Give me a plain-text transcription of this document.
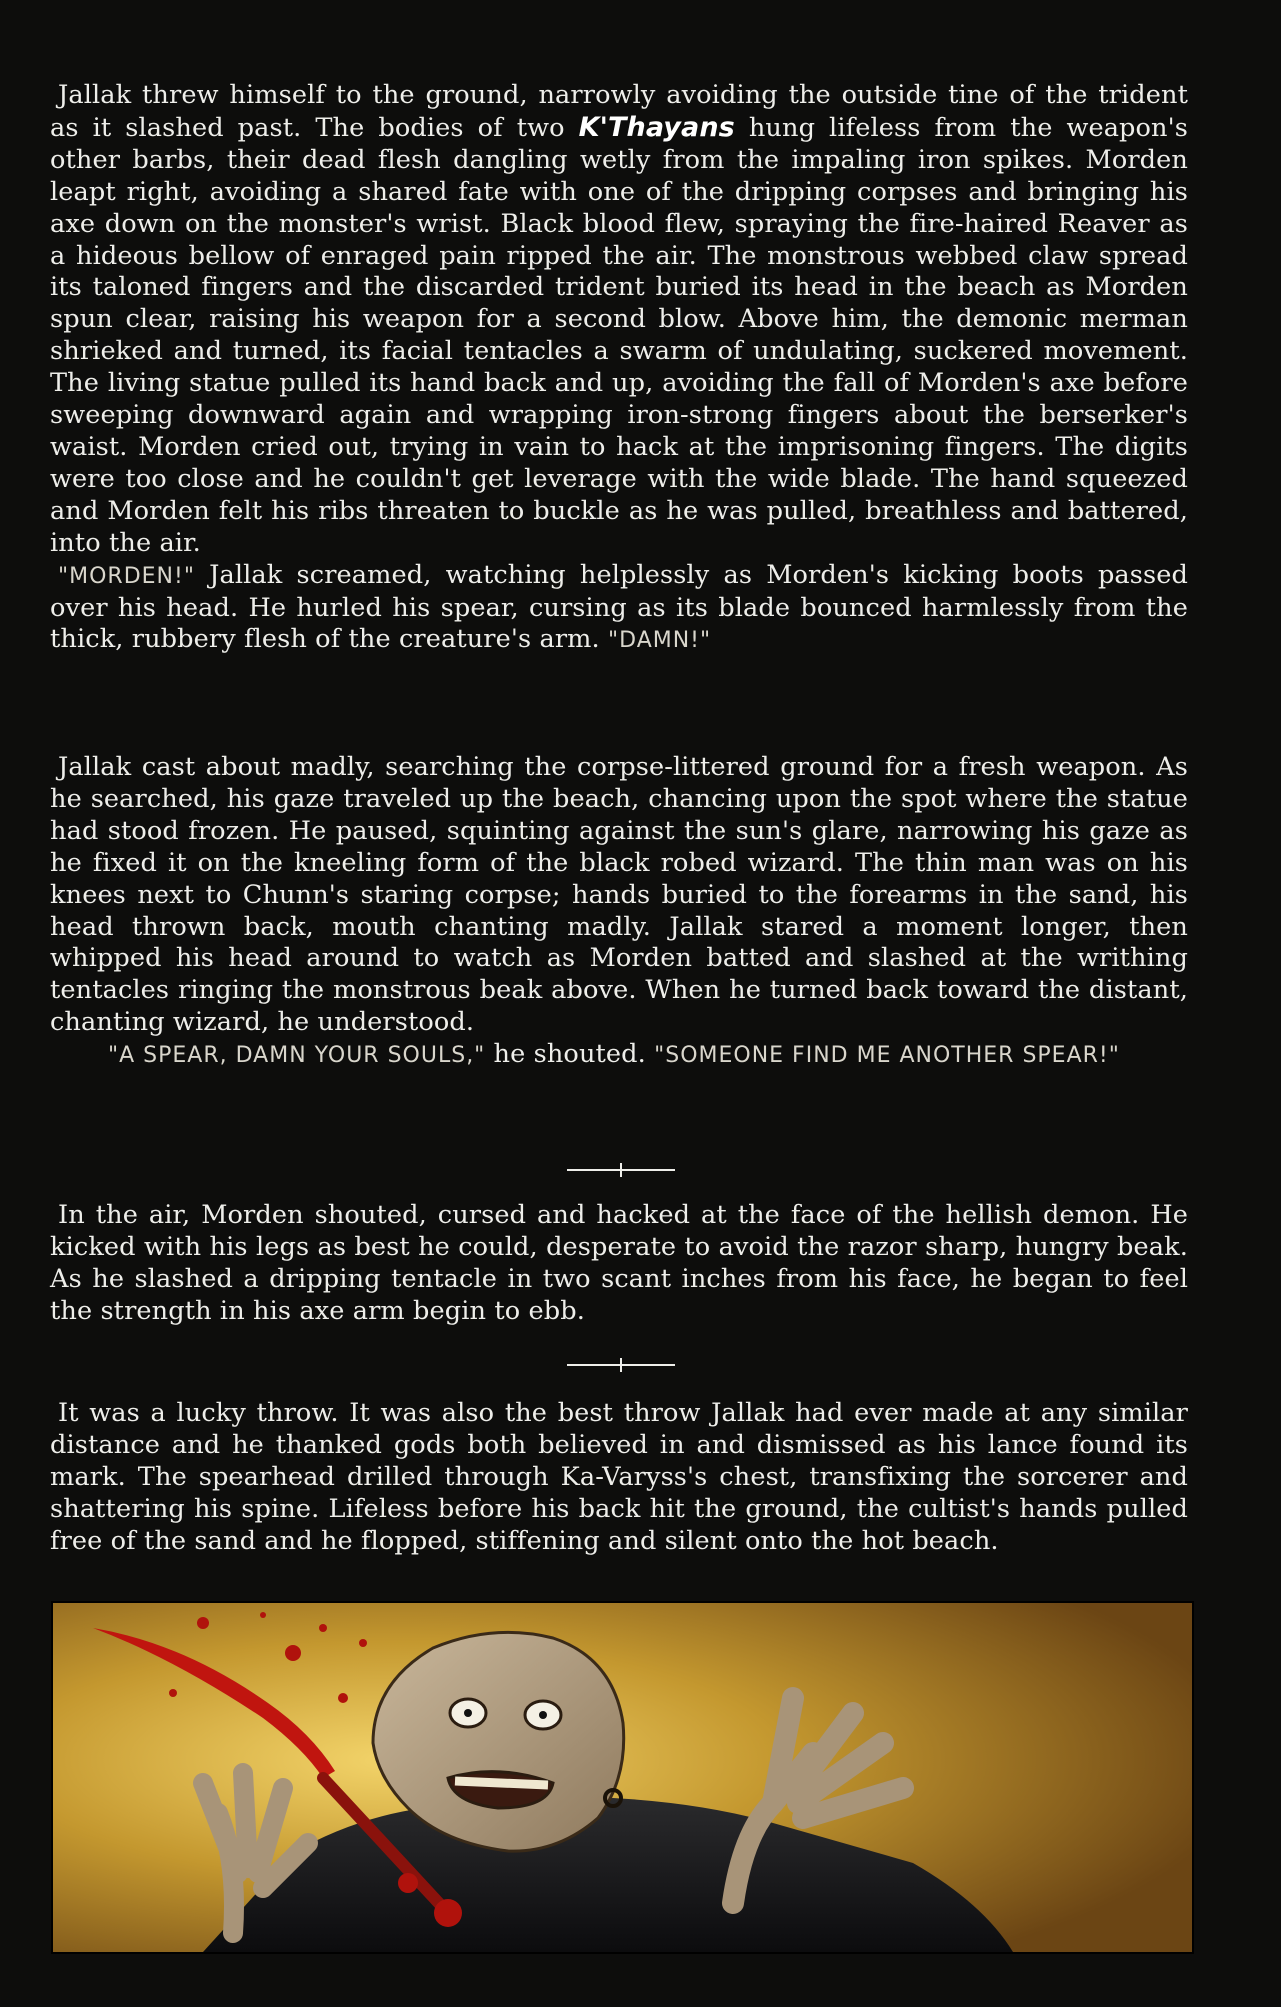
Jallak threw himself to the ground, narrowly avoiding the outside tine of the trident as it slashed past. The bodies of two K'Thayans hung lifeless from the weapon's other barbs, their dead flesh dangling wetly from the impaling iron spikes. Morden leapt right, avoiding a shared fate with one of the dripping corpses and bringing his axe down on the monster's wrist. Black blood flew, spraying the fire-haired Reaver as a hideous bellow of enraged pain ripped the air. The monstrous webbed claw spread its taloned fingers and the discarded trident buried its head in the beach as Morden spun clear, raising his weapon for a second blow. Above him, the demonic merman shrieked and turned, its facial tentacles a swarm of undulating, suckered movement. The living statue pulled its hand back and up, avoiding the fall of Morden's axe before sweeping downward again and wrapping iron-strong fingers about the berserker's waist. Morden cried out, trying in vain to hack at the imprisoning fingers. The digits were too close and he couldn't get leverage with the wide blade. The hand squeezed and Morden felt his ribs threaten to buckle as he was pulled, breathless and battered, into the air.

"MORDEN!" Jallak screamed, watching helplessly as Morden's kicking boots passed over his head. He hurled his spear, cursing as its blade bounced harmlessly from the thick, rubbery flesh of the creature's arm. "DAMN!"

Jallak cast about madly, searching the corpse-littered ground for a fresh weapon. As he searched, his gaze traveled up the beach, chancing upon the spot where the statue had stood frozen. He paused, squinting against the sun's glare, narrowing his gaze as he fixed it on the kneeling form of the black robed wizard. The thin man was on his knees next to Chunn's staring corpse; hands buried to the forearms in the sand, his head thrown back, mouth chanting madly. Jallak stared a moment longer, then whipped his head around to watch as Morden batted and slashed at the writhing tentacles ringing the monstrous beak above. When he turned back toward the distant, chanting wizard, he understood.

"A SPEAR, DAMN YOUR SOULS," he shouted. "SOMEONE FIND ME ANOTHER SPEAR!"

In the air, Morden shouted, cursed and hacked at the face of the hellish demon. He kicked with his legs as best he could, desperate to avoid the razor sharp, hungry beak. As he slashed a dripping tentacle in two scant inches from his face, he began to feel the strength in his axe arm begin to ebb.

It was a lucky throw. It was also the best throw Jallak had ever made at any similar distance and he thanked gods both believed in and dismissed as his lance found its mark. The spearhead drilled through Ka-Varyss's chest, transfixing the sorcerer and shattering his spine. Lifeless before his back hit the ground, the cultist's hands pulled free of the sand and he flopped, stiffening and silent onto the hot beach.
